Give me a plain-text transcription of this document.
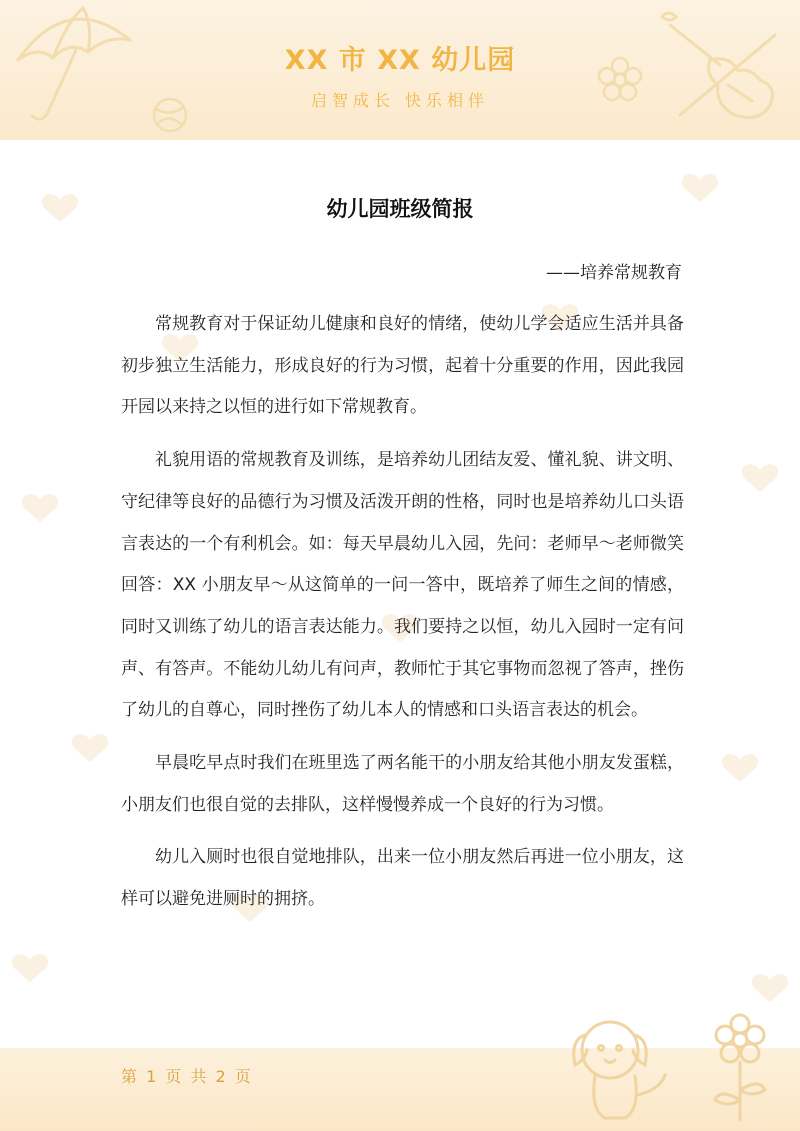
XX 市 XX 幼儿园
启智成长 快乐相伴
幼儿园班级简报
——培养常规教育

常规教育对于保证幼儿健康和良好的情绪，使幼儿学会适应生活并具备初步独立生活能力，形成良好的行为习惯，起着十分重要的作用，因此我园开园以来持之以恒的进行如下常规教育。

礼貌用语的常规教育及训练，是培养幼儿团结友爱、懂礼貌、讲文明、守纪律等良好的品德行为习惯及活泼开朗的性格，同时也是培养幼儿口头语言表达的一个有利机会。如：每天早晨幼儿入园，先问：老师早～老师微笑回答：XX 小朋友早～从这简单的一问一答中，既培养了师生之间的情感，同时又训练了幼儿的语言表达能力。我们要持之以恒，幼儿入园时一定有问声、有答声。不能幼儿幼儿有问声，教师忙于其它事物而忽视了答声，挫伤了幼儿的自尊心，同时挫伤了幼儿本人的情感和口头语言表达的机会。

早晨吃早点时我们在班里选了两名能干的小朋友给其他小朋友发蛋糕，小朋友们也很自觉的去排队，这样慢慢养成一个良好的行为习惯。

幼儿入厕时也很自觉地排队，出来一位小朋友然后再进一位小朋友，这样可以避免进厕时的拥挤。

第 1 页 共 2 页
